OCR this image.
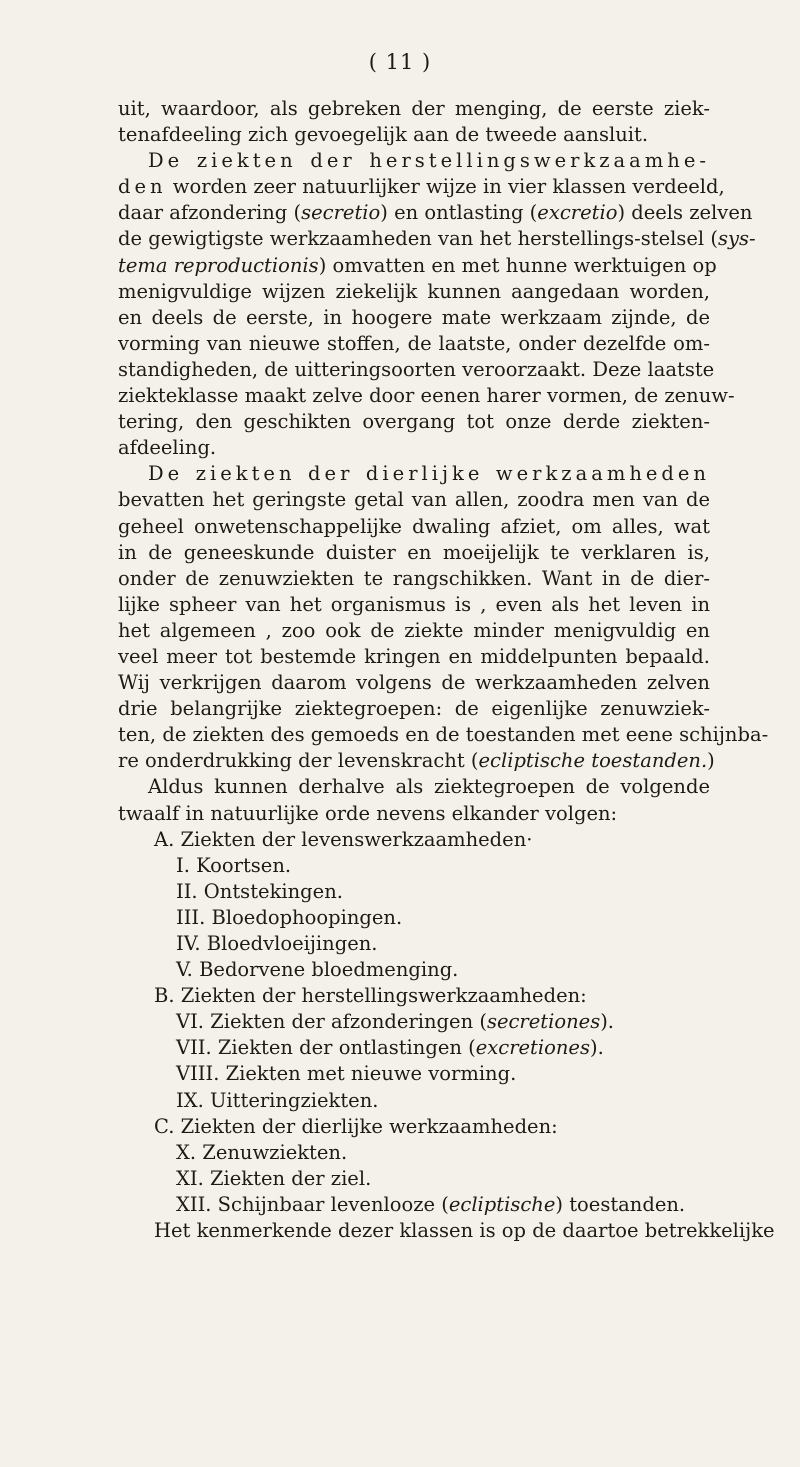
( 11 )
uit, waardoor, als gebreken der menging, de eerste ziek-
tenafdeeling zich gevoegelijk aan de tweede aansluit.
De ziekten der herstellingswerkzaamhe-
den worden zeer natuurlijker wijze in vier klassen verdeeld,
daar afzondering (secretio) en ontlasting (excretio) deels zelven
de gewigtigste werkzaamheden van het herstellings-stelsel (sys-
tema reproductionis) omvatten en met hunne werktuigen op
menigvuldige wijzen ziekelijk kunnen aangedaan worden,
en deels de eerste, in hoogere mate werkzaam zijnde, de
vorming van nieuwe stoffen, de laatste, onder dezelfde om-
standigheden, de uitteringsoorten veroorzaakt. Deze laatste
ziekteklasse maakt zelve door eenen harer vormen, de zenuw-
tering, den geschikten overgang tot onze derde ziekten-
afdeeling.
De ziekten der dierlijke werkzaamheden
bevatten het geringste getal van allen, zoodra men van de
geheel onwetenschappelijke dwaling afziet, om alles, wat
in de geneeskunde duister en moeijelijk te verklaren is,
onder de zenuwziekten te rangschikken. Want in de dier-
lijke spheer van het organismus is , even als het leven in
het algemeen , zoo ook de ziekte minder menigvuldig en
veel meer tot bestemde kringen en middelpunten bepaald.
Wij verkrijgen daarom volgens de werkzaamheden zelven
drie belangrijke ziektegroepen: de eigenlijke zenuwziek-
ten, de ziekten des gemoeds en de toestanden met eene schijnba-
re onderdrukking der levenskracht (ecliptische toestanden.)
Aldus kunnen derhalve als ziektegroepen de volgende
twaalf in natuurlijke orde nevens elkander volgen:
A. Ziekten der levenswerkzaamheden·
I. Koortsen.
II. Ontstekingen.
III. Bloedophoopingen.
IV. Bloedvloeijingen.
V. Bedorvene bloedmenging.
B. Ziekten der herstellingswerkzaamheden:
VI. Ziekten der afzonderingen (secretiones).
VII. Ziekten der ontlastingen (excretiones).
VIII. Ziekten met nieuwe vorming.
IX. Uitteringziekten.
C. Ziekten der dierlijke werkzaamheden:
X. Zenuwziekten.
XI. Ziekten der ziel.
XII. Schijnbaar levenlooze (ecliptische) toestanden.
Het kenmerkende dezer klassen is op de daartoe betrekkelijke
